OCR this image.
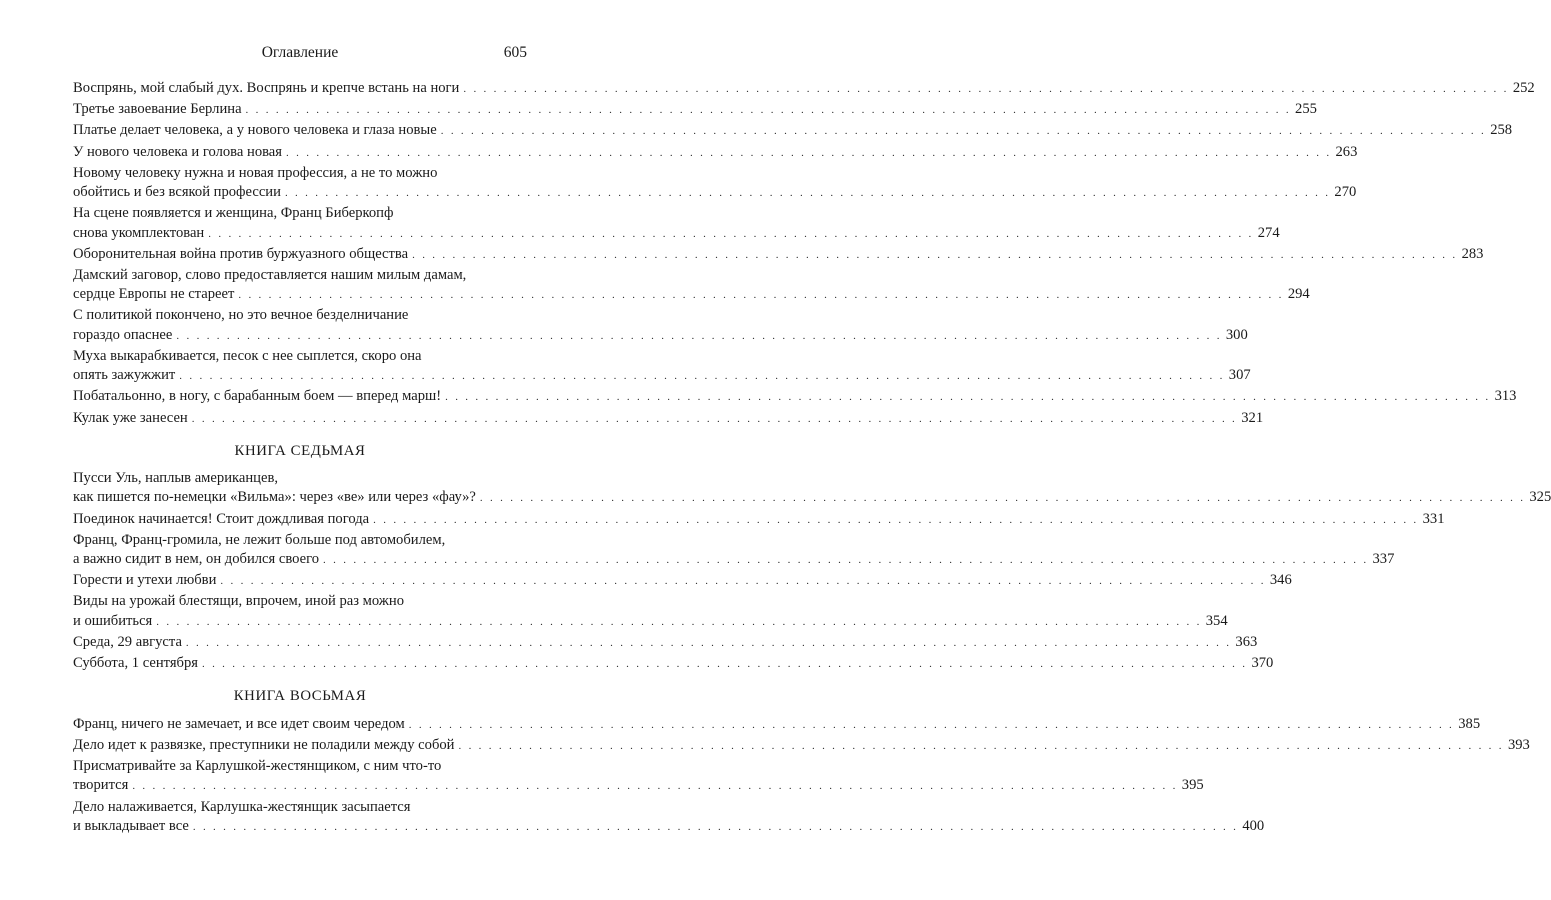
Оглавление	605
Воспрянь, мой слабый дух. Воспрянь и крепче встань на ноги . . .	252
Третье завоевание Берлина . . .	255
Платье делает человека, а у нового человека и глаза новые . . .	258
У нового человека и голова новая . . .	263
Новому человеку нужна и новая профессия, а не то можно
обойтись и без всякой профессии . . .	270
На сцене появляется и женщина, Франц Биберкопф
снова укомплектован . . .	274
Оборонительная война против буржуазного общества . . .	283
Дамский заговор, слово предоставляется нашим милым дамам,
сердце Европы не стареет . . .	294
С политикой покончено, но это вечное безделничание
гораздо опаснее . . .	300
Муха выкарабкивается, песок с нее сыплется, скоро она
опять зажужжит . . .	307
Побатальонно, в ногу, с барабанным боем — вперед марш! . . .	313
Кулак уже занесен . . .	321
КНИГА СЕДЬМАЯ
Пусси Уль, наплыв американцев,
как пишется по-немецки «Вильма»: через «ве» или через «фау»? . . .	325
Поединок начинается! Стоит дождливая погода . . .	331
Франц, Франц-громила, не лежит больше под автомобилем,
а важно сидит в нем, он добился своего . . .	337
Горести и утехи любви . . .	346
Виды на урожай блестящи, впрочем, иной раз можно
и ошибиться . . .	354
Среда, 29 августа . . .	363
Суббота, 1 сентября . . .	370
КНИГА ВОСЬМАЯ
Франц, ничего не замечает, и все идет своим чередом . . .	385
Дело идет к развязке, преступники не поладили между собой . . .	393
Присматривайте за Карлушкой-жестянщиком, с ним что-то
творится . . .	395
Дело налаживается, Карлушка-жестянщик засыпается
и выкладывает все . . .	400
